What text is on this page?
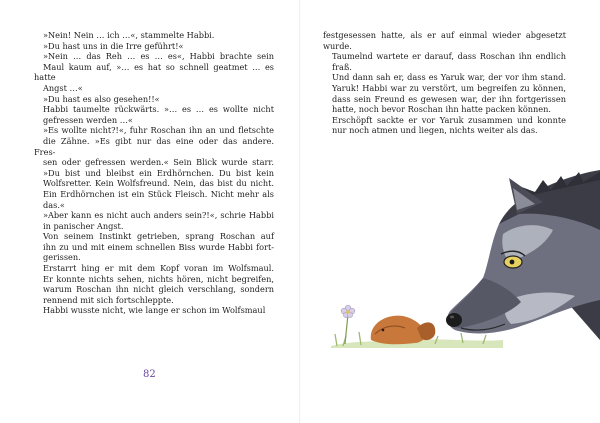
»Nein! Nein … ich …«, stammelte Habbi.

»Du hast uns in die Irre geführt!«

»Nein … das Reh … es … es«, Habbi brachte sein
Maul kaum auf, »… es hat so schnell geatmet … es hatte
Angst …«

»Du hast es also gesehen!!«

Habbi taumelte rückwärts. »… es … es wollte nicht
gefressen werden …«

»Es wollte nicht?!«, fuhr Roschan ihn an und fletschte
die Zähne. »Es gibt nur das eine oder das andere. Fres-
sen oder gefressen werden.« Sein Blick wurde starr.
»Du bist und bleibst ein Erdhörnchen. Du bist kein
Wolfsretter. Kein Wolfsfreund. Nein, das bist du nicht.
Ein Erdhörnchen ist ein Stück Fleisch. Nicht mehr als
das.«

»Aber kann es nicht auch anders sein?!«, schrie Habbi
in panischer Angst.

Von seinem Instinkt getrieben, sprang Roschan auf
ihn zu und mit einem schnellen Biss wurde Habbi fort-
gerissen.

Erstarrt hing er mit dem Kopf voran im Wolfsmaul.
Er konnte nichts sehen, nichts hören, nicht begreifen,
warum Roschan ihn nicht gleich verschlang, sondern
rennend mit sich fortschleppte.

Habbi wusste nicht, wie lange er schon im Wolfsmaul

82

festgesessen hatte, als er auf einmal wieder abgesetzt
wurde.

Taumelnd wartete er darauf, dass Roschan ihn endlich
fraß.

Und dann sah er, dass es Yaruk war, der vor ihm stand.
Yaruk! Habbi war zu verstört, um begreifen zu können,
dass sein Freund es gewesen war, der ihn fortgerissen
hatte, noch bevor Roschan ihn hatte packen können.

Erschöpft sackte er vor Yaruk zusammen und konnte
nur noch atmen und liegen, nichts weiter als das.
